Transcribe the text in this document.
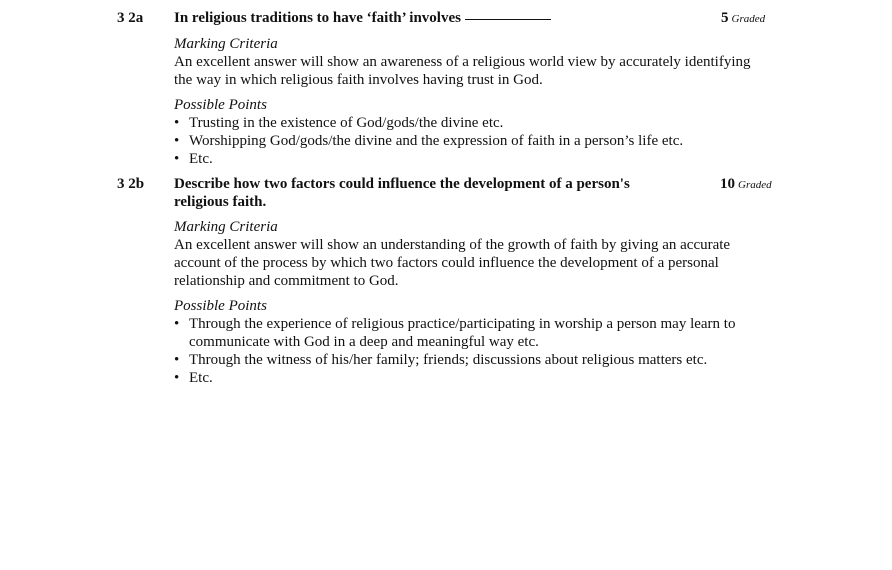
3 2a In religious traditions to have ‘faith’ involves

Marking Criteria

An excellent answer will show an awareness of a religious world view by accurately identifying the way in which religious faith involves having trust in God.

Possible Points

• Trusting in the existence of God/gods/the divine etc.
• Worshipping God/gods/the divine and the expression of faith in a person’s life etc.
• Etc.
5 Graded
3 2b Describe how two factors could influence the development of a person's religious faith.

Marking Criteria

An excellent answer will show an understanding of the growth of faith by giving an accurate account of the process by which two factors could influence the development of a personal relationship and commitment to God.

Possible Points

• Through the experience of religious practice/participating in worship a person may learn to communicate with God in a deep and meaningful way etc.
• Through the witness of his/her family; friends; discussions about religious matters etc.
• Etc.
10 Graded
